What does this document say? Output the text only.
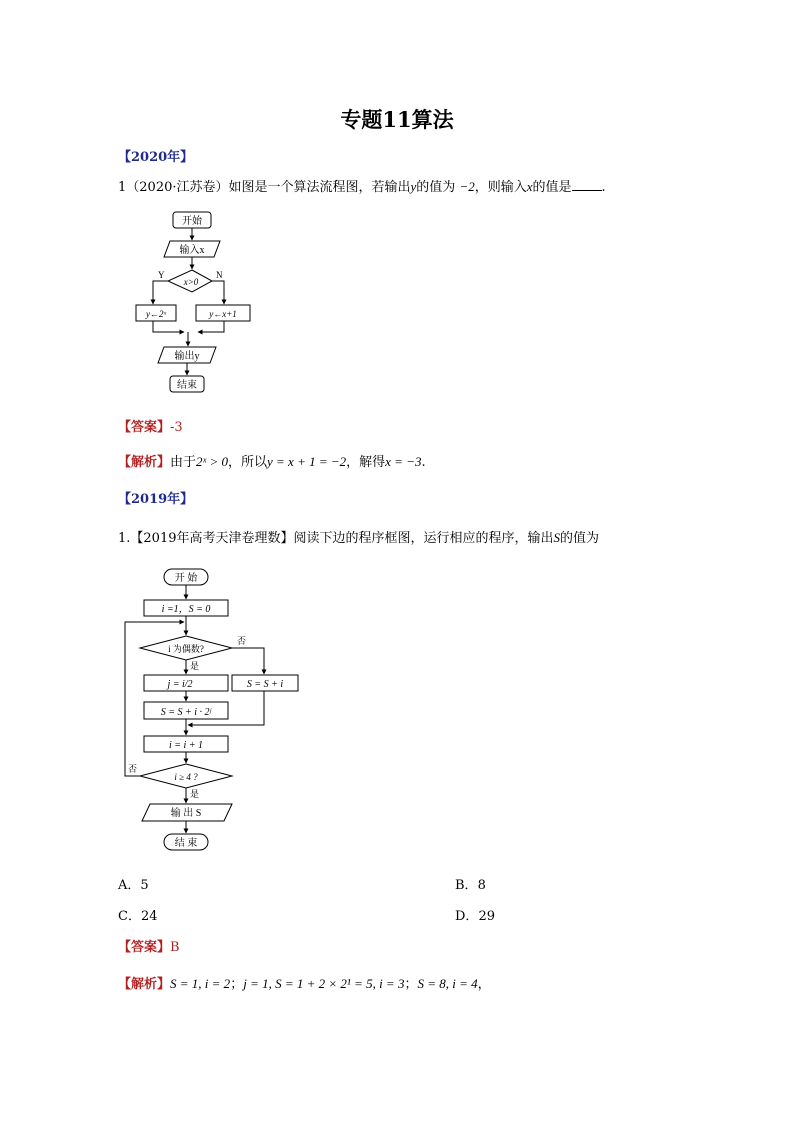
专题11算法
【2020年】
1（2020·江苏卷）如图是一个算法流程图，若输出y的值为 −2，则输入x的值是 .
开始
输入x
x>0
Y	N
y←2ˣ	y←x+1
输出y
结束
【答案】-3
【解析】由于2ˣ > 0，所以y = x + 1 = −2，解得x = −3.
【2019年】
1.【2019年高考天津卷理数】阅读下边的程序框图，运行相应的程序，输出S的值为
开 始
i =1，S = 0
i 为偶数?
否
是
j = i/2	S = S + i
S = S + i · 2ʲ
i = i + 1
i ≥ 4 ?
否
是
输 出 S
结 束
A．5	B．8
C．24	D．29
【答案】B
【解析】S = 1, i = 2；j = 1, S = 1 + 2 × 2¹ = 5, i = 3；S = 8, i = 4，
